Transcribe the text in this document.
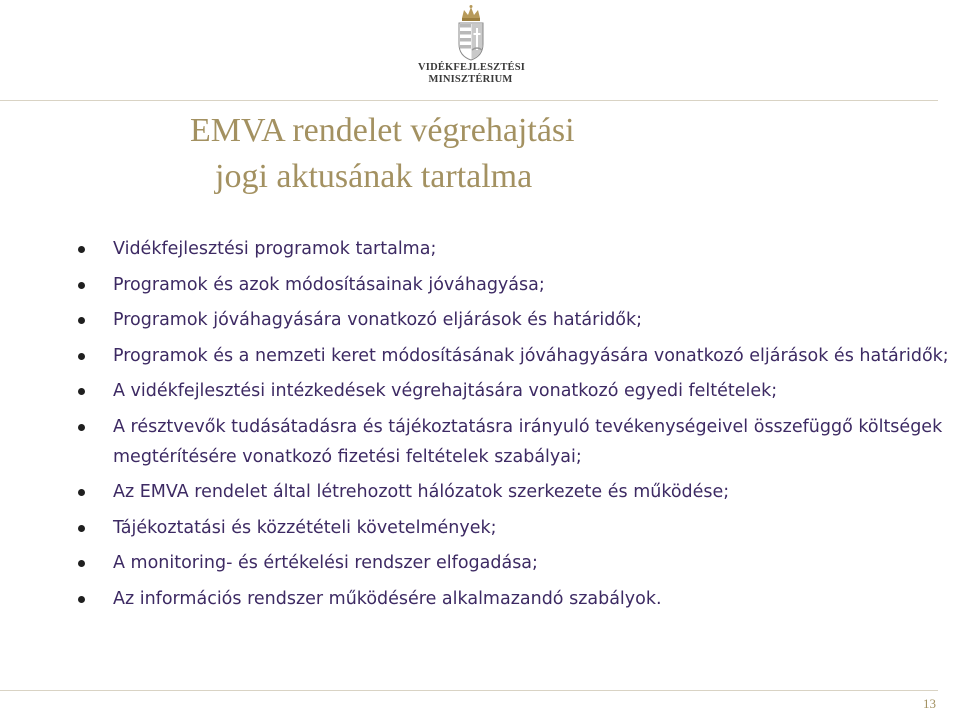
VIDÉKFEJLESZTÉSI
MINISZTÉRIUM
EMVA rendelet végrehajtási
jogi aktusának tartalma
Vidékfejlesztési programok tartalma;
Programok és azok módosításainak jóváhagyása;
Programok jóváhagyására vonatkozó eljárások és határidők;
Programok és a nemzeti keret módosításának jóváhagyására vonatkozó eljárások és határidők;
A vidékfejlesztési intézkedések végrehajtására vonatkozó egyedi feltételek;
A résztvevők tudásátadásra és tájékoztatásra irányuló tevékenységeivel összefüggő költségek megtérítésére vonatkozó fizetési feltételek szabályai;
Az EMVA rendelet által létrehozott hálózatok szerkezete és működése;
Tájékoztatási és közzétételi követelmények;
A monitoring- és értékelési rendszer elfogadása;
Az információs rendszer működésére alkalmazandó szabályok.
13
